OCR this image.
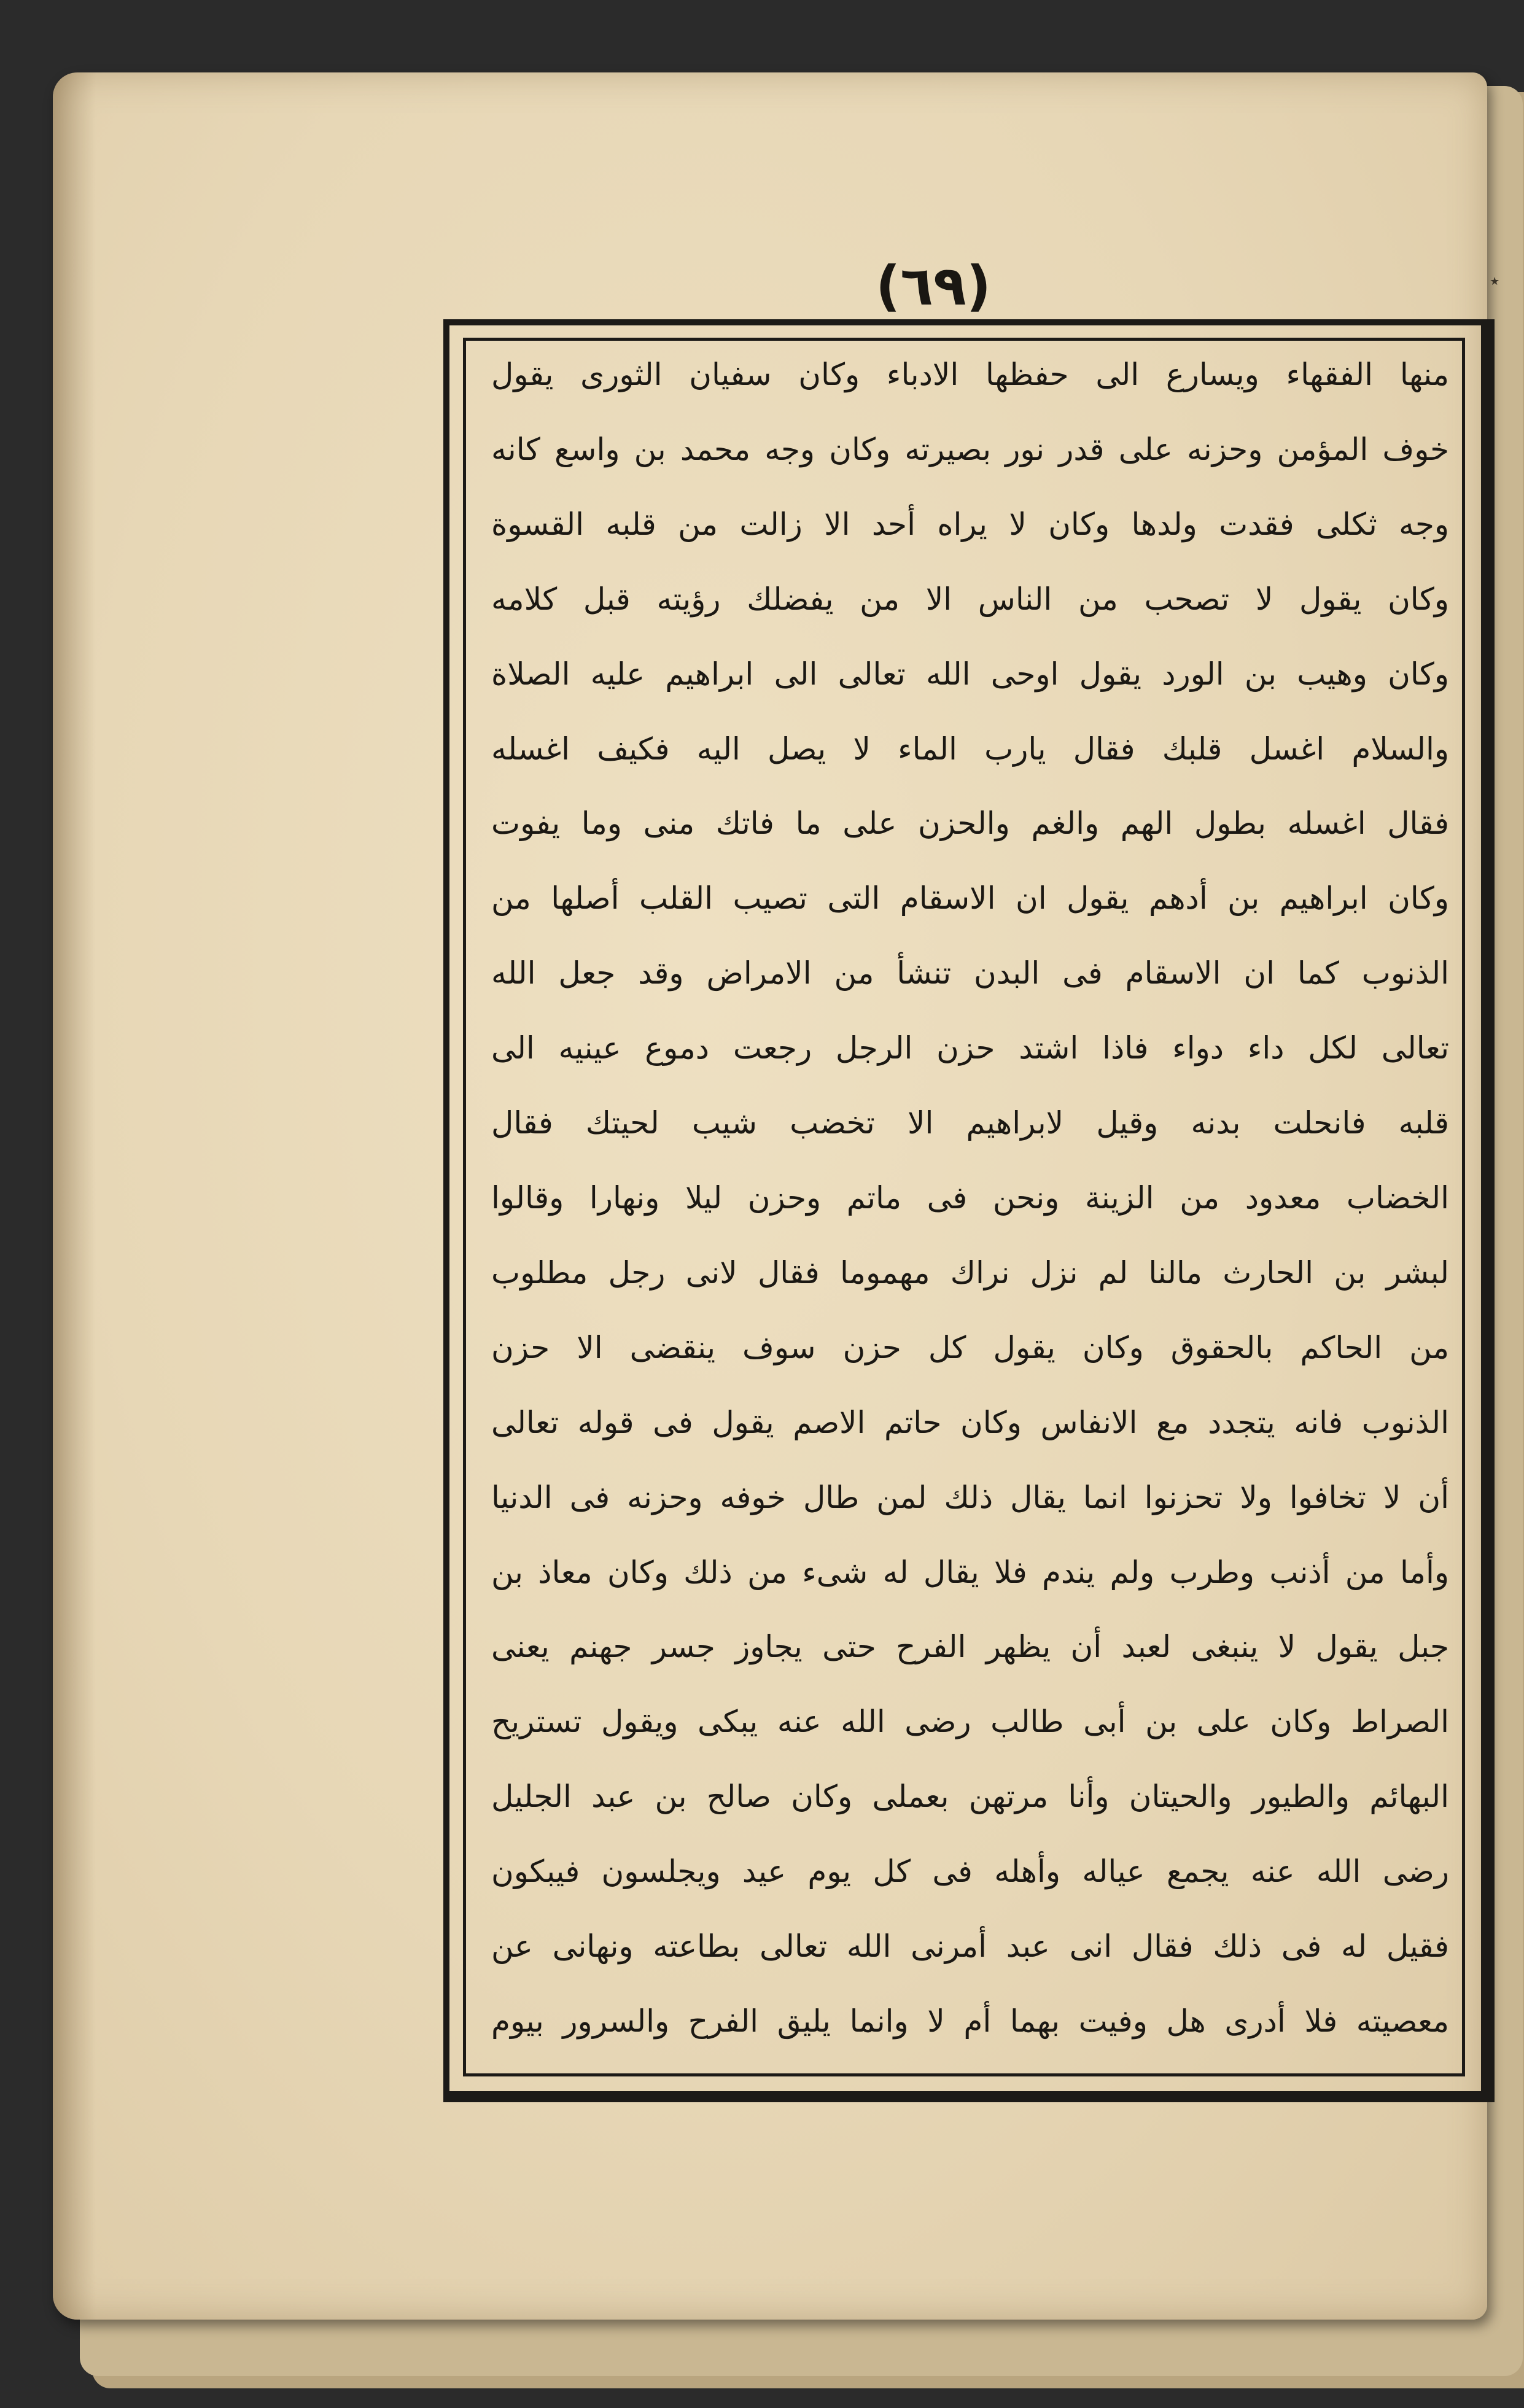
٭
(٦٩)
منها الفقهاء ويسارع الى حفظها الادباء وكان سفيان الثورى يقول
خوف المؤمن وحزنه على قدر نور بصيرته وكان وجه محمد بن واسع كانه
وجه ثكلى فقدت ولدها وكان لا يراه أحد الا زالت من قلبه القسوة
وكان يقول لا تصحب من الناس الا من يفضلك رؤيته قبل كلامه
وكان وهيب بن الورد يقول اوحى الله تعالى الى ابراهيم عليه الصلاة
والسلام اغسل قلبك فقال يارب الماء لا يصل اليه فكيف اغسله
فقال اغسله بطول الهم والغم والحزن على ما فاتك منى وما يفوت
وكان ابراهيم بن أدهم يقول ان الاسقام التى تصيب القلب أصلها من
الذنوب كما ان الاسقام فى البدن تنشأ من الامراض وقد جعل الله
تعالى لكل داء دواء فاذا اشتد حزن الرجل رجعت دموع عينيه الى
قلبه فانحلت بدنه وقيل لابراهيم الا تخضب شيب لحيتك فقال
الخضاب معدود من الزينة ونحن فى ماتم وحزن ليلا ونهارا وقالوا
لبشر بن الحارث مالنا لم نزل نراك مهموما فقال لانى رجل مطلوب
من الحاكم بالحقوق وكان يقول كل حزن سوف ينقضى الا حزن
الذنوب فانه يتجدد مع الانفاس وكان حاتم الاصم يقول فى قوله تعالى
أن لا تخافوا ولا تحزنوا انما يقال ذلك لمن طال خوفه وحزنه فى الدنيا
وأما من أذنب وطرب ولم يندم فلا يقال له شىء من ذلك وكان معاذ بن
جبل يقول لا ينبغى لعبد أن يظهر الفرح حتى يجاوز جسر جهنم يعنى
الصراط وكان على بن أبى طالب رضى الله عنه يبكى ويقول تستريح
البهائم والطيور والحيتان وأنا مرتهن بعملى وكان صالح بن عبد الجليل
رضى الله عنه يجمع عياله وأهله فى كل يوم عيد ويجلسون فيبكون
فقيل له فى ذلك فقال انى عبد أمرنى الله تعالى بطاعته ونهانى عن
معصيته فلا أدرى هل وفيت بهما أم لا وانما يليق الفرح والسرور بيوم
